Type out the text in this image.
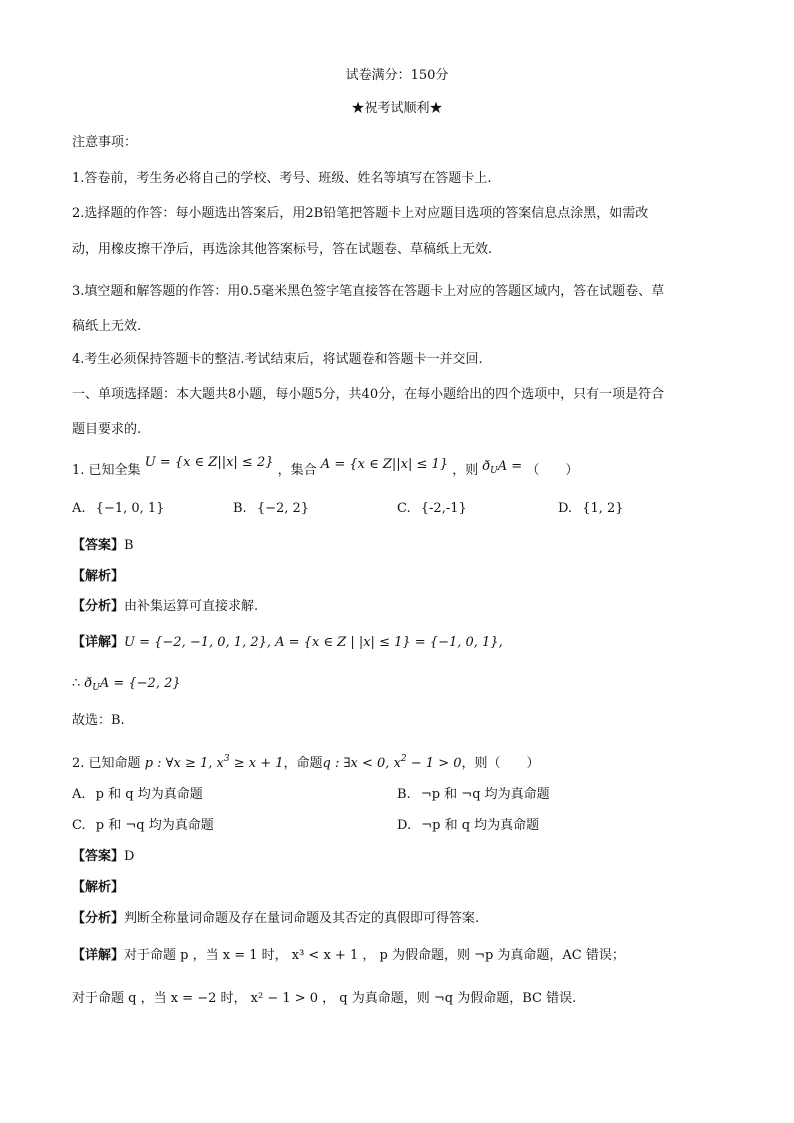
试卷满分：150分
★祝考试顺利★
注意事项：
1.答卷前，考生务必将自己的学校、考号、班级、姓名等填写在答题卡上.
2.选择题的作答：每小题选出答案后，用2B铅笔把答题卡上对应题目选项的答案信息点涂黑，如需改
动，用橡皮擦干净后，再选涂其他答案标号，答在试题卷、草稿纸上无效.
3.填空题和解答题的作答：用0.5毫米黑色签字笔直接答在答题卡上对应的答题区域内，答在试题卷、草
稿纸上无效.
4.考生必须保持答题卡的整洁.考试结束后，将试题卷和答题卡一并交回.
一、单项选择题：本大题共8小题，每小题5分，共40分，在每小题给出的四个选项中，只有一项是符合
题目要求的.
1. 已知全集 U = {x ∈ Z||x| ≤ 2} ，集合 A = {x ∈ Z||x| ≤ 1} ，则 $ð_UA$ = （　　）
A. {−1, 0, 1}	B. {−2, 2}	C. {-2,-1}	D. {1, 2}
【答案】B
【解析】
【分析】由补集运算可直接求解.
【详解】U = {−2, −1, 0, 1, 2}, A = {x ∈ Z | |x| ≤ 1} = {−1, 0, 1},
∴ $ð_UA = \{-2$, 2}
故选：B.
2. 已知命题 p : ∀x ≥ 1, $x^3 \ge x + 1$，命题q : ∃x < 0, $x^2 - 1 > 0$，则（　　）
A. p 和 q 均为真命题	B. ¬p 和 ¬q 均为真命题
C. p 和 ¬q 均为真命题	D. ¬p 和 q 均为真命题
【答案】D
【解析】
【分析】判断全称量词命题及存在量词命题及其否定的真假即可得答案.
【详解】对于命题 p ，当 x = 1 时， x³ < x + 1 ， p 为假命题，则 ¬p 为真命题，AC 错误；
对于命题 q ，当 x = −2 时， x² − 1 > 0 ， q 为真命题，则 ¬q 为假命题，BC 错误.
